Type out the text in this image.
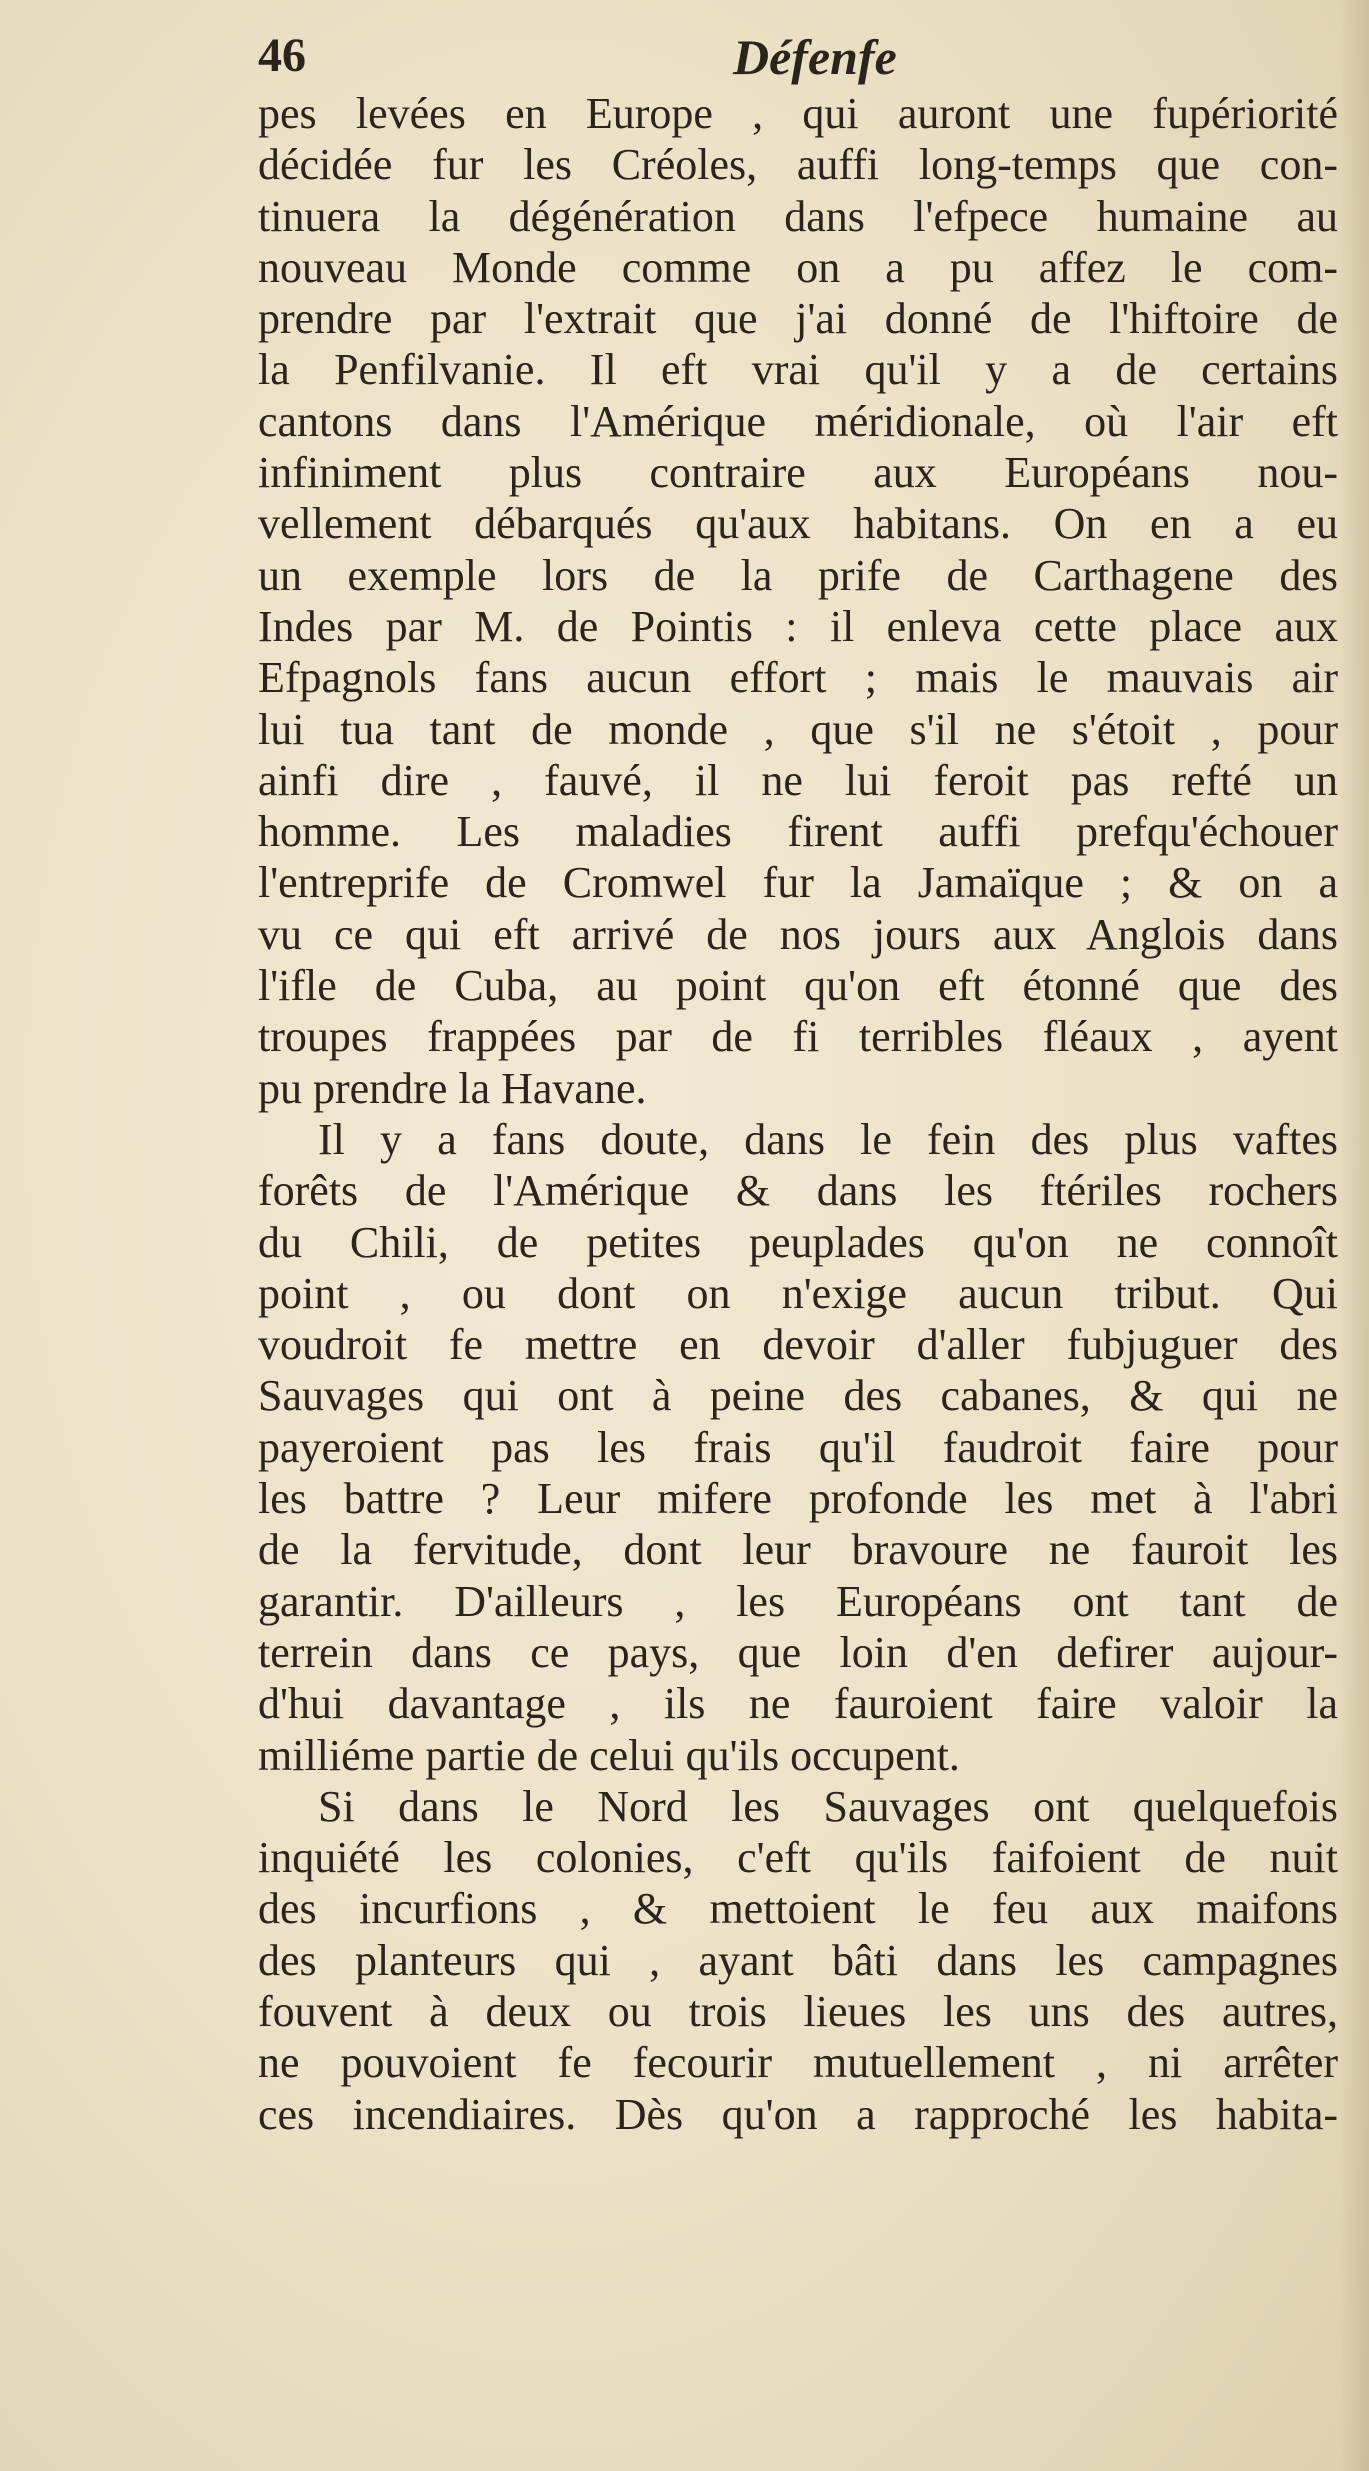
46	Défenfe
pes levées en Europe , qui auront une fupériorité
décidée fur les Créoles, auffi long-temps que con-
tinuera la dégénération dans l'efpece humaine au
nouveau Monde comme on a pu affez le com-
prendre par l'extrait que j'ai donné de l'hiftoire de
la Penfilvanie. Il eft vrai qu'il y a de certains
cantons dans l'Amérique méridionale, où l'air eft
infiniment plus contraire aux Européans nou-
vellement débarqués qu'aux habitans. On en a eu
un exemple lors de la prife de Carthagene des
Indes par M. de Pointis : il enleva cette place aux
Efpagnols fans aucun effort ; mais le mauvais air
lui tua tant de monde , que s'il ne s'étoit , pour
ainfi dire , fauvé, il ne lui feroit pas refté un
homme. Les maladies firent auffi prefqu'échouer
l'entreprife de Cromwel fur la Jamaïque ; & on a
vu ce qui eft arrivé de nos jours aux Anglois dans
l'ifle de Cuba, au point qu'on eft étonné que des
troupes frappées par de fi terribles fléaux , ayent
pu prendre la Havane.
Il y a fans doute, dans le fein des plus vaftes
forêts de l'Amérique & dans les ftériles rochers
du Chili, de petites peuplades qu'on ne connoît
point , ou dont on n'exige aucun tribut. Qui
voudroit fe mettre en devoir d'aller fubjuguer des
Sauvages qui ont à peine des cabanes, & qui ne
payeroient pas les frais qu'il faudroit faire pour
les battre ? Leur mifere profonde les met à l'abri
de la fervitude, dont leur bravoure ne fauroit les
garantir. D'ailleurs , les Européans ont tant de
terrein dans ce pays, que loin d'en defirer aujour-
d'hui davantage , ils ne fauroient faire valoir la
milliéme partie de celui qu'ils occupent.
Si dans le Nord les Sauvages ont quelquefois
inquiété les colonies, c'eft qu'ils faifoient de nuit
des incurfions , & mettoient le feu aux maifons
des planteurs qui , ayant bâti dans les campagnes
fouvent à deux ou trois lieues les uns des autres,
ne pouvoient fe fecourir mutuellement , ni arrêter
ces incendiaires. Dès qu'on a rapproché les habita-
